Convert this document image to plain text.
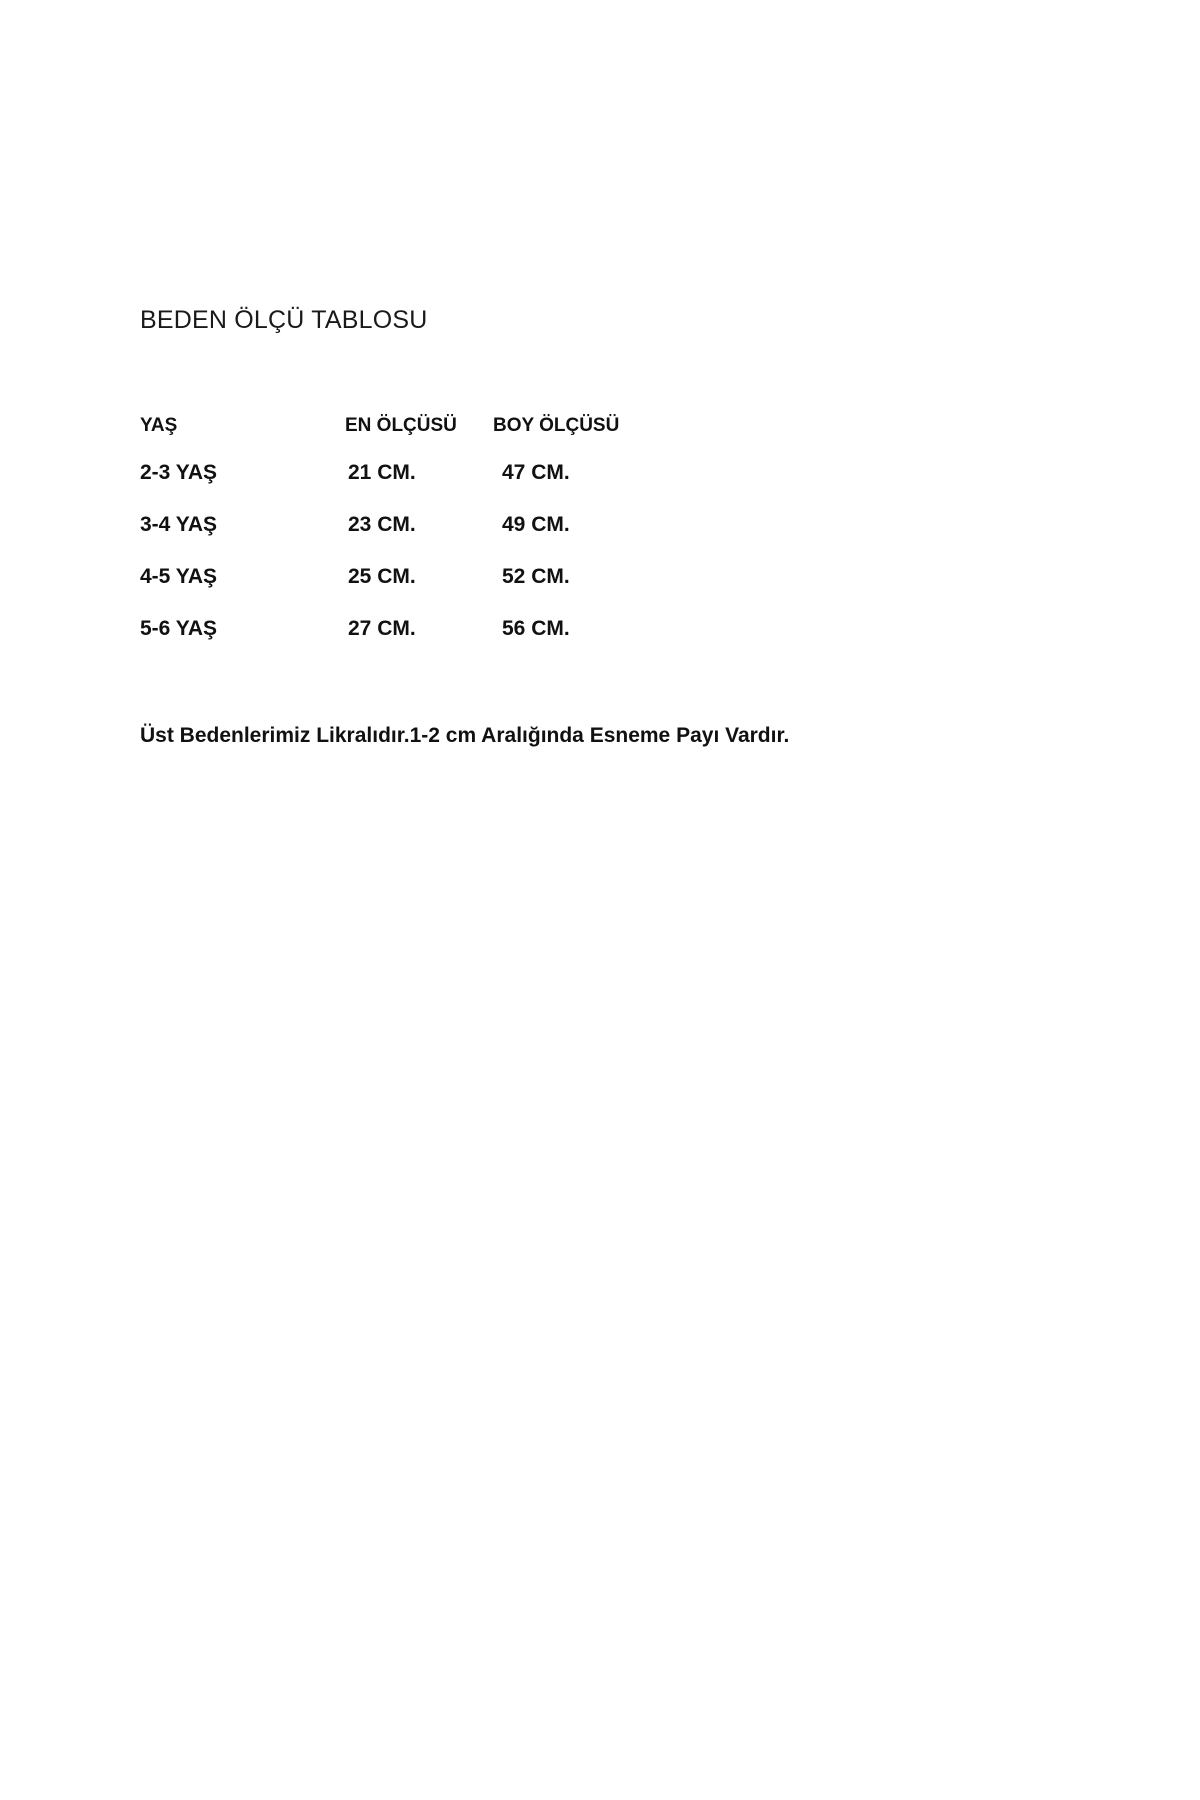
BEDEN ÖLÇÜ TABLOSU
YAŞ	EN ÖLÇÜSÜ	BOY ÖLÇÜSÜ
2-3 YAŞ	21 CM.	47 CM.
3-4 YAŞ	23 CM.	49 CM.
4-5 YAŞ	25 CM.	52 CM.
5-6 YAŞ	27 CM.	56 CM.
Üst Bedenlerimiz Likralıdır.1-2 cm Aralığında Esneme Payı Vardır.
